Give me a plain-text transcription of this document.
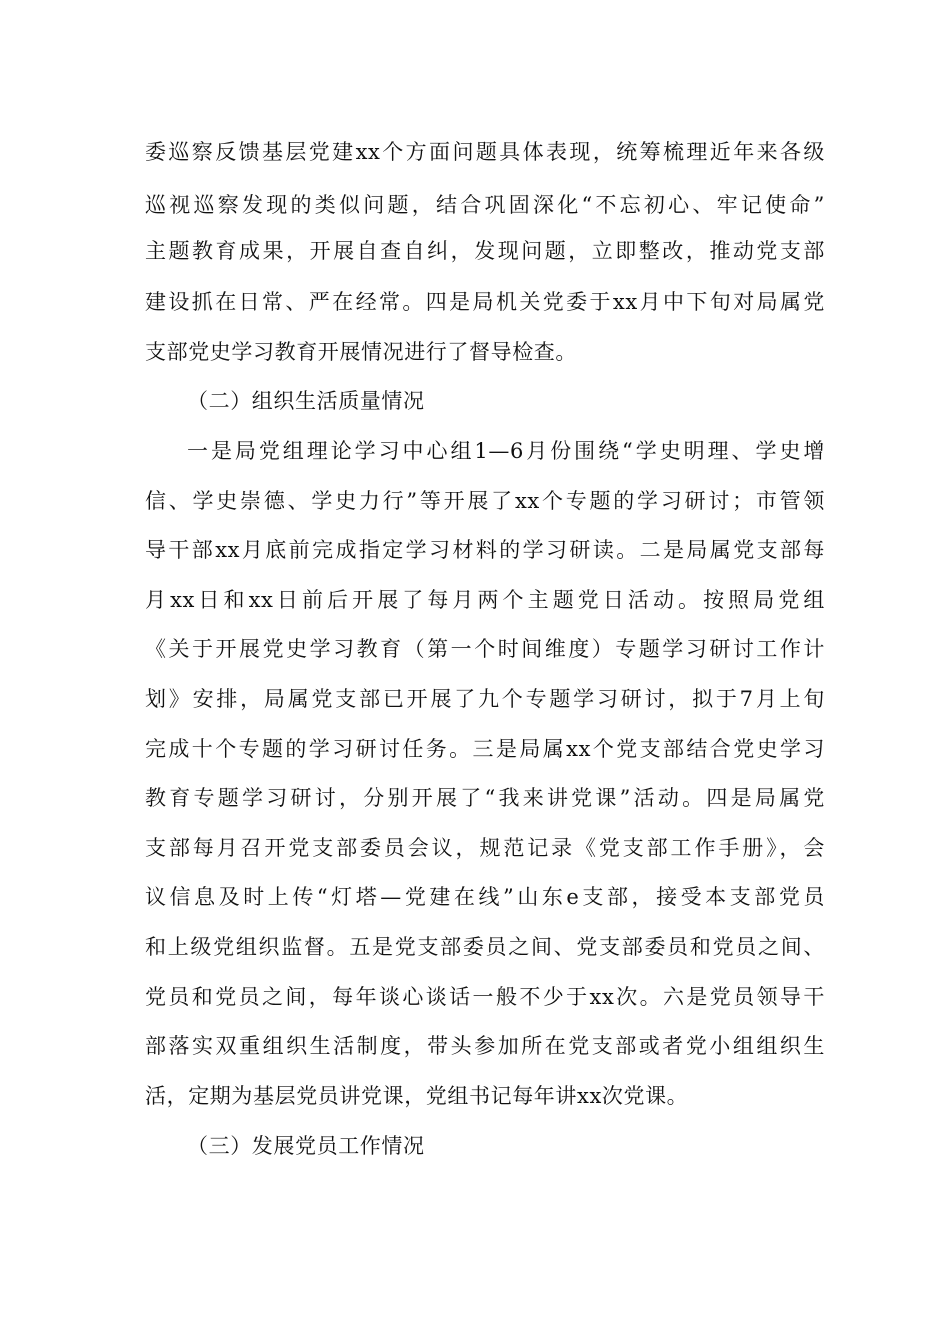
委巡察反馈基层党建xx个方面问题具体表现，统筹梳理近年来各级
巡视巡察发现的类似问题，结合巩固深化“不忘初心、牢记使命”
主题教育成果，开展自查自纠，发现问题，立即整改，推动党支部
建设抓在日常、严在经常。四是局机关党委于xx月中下旬对局属党
支部党史学习教育开展情况进行了督导检查。
（二）组织生活质量情况
一是局党组理论学习中心组1—6月份围绕“学史明理、学史增
信、学史崇德、学史力行”等开展了xx个专题的学习研讨；市管领
导干部xx月底前完成指定学习材料的学习研读。二是局属党支部每
月xx日和xx日前后开展了每月两个主题党日活动。按照局党组
《关于开展党史学习教育（第一个时间维度）专题学习研讨工作计
划》安排，局属党支部已开展了九个专题学习研讨，拟于7月上旬
完成十个专题的学习研讨任务。三是局属xx个党支部结合党史学习
教育专题学习研讨，分别开展了“我来讲党课”活动。四是局属党
支部每月召开党支部委员会议，规范记录《党支部工作手册》，会
议信息及时上传“灯塔—党建在线”山东e支部，接受本支部党员
和上级党组织监督。五是党支部委员之间、党支部委员和党员之间、
党员和党员之间，每年谈心谈话一般不少于xx次。六是党员领导干
部落实双重组织生活制度，带头参加所在党支部或者党小组组织生
活，定期为基层党员讲党课，党组书记每年讲xx次党课。
（三）发展党员工作情况
